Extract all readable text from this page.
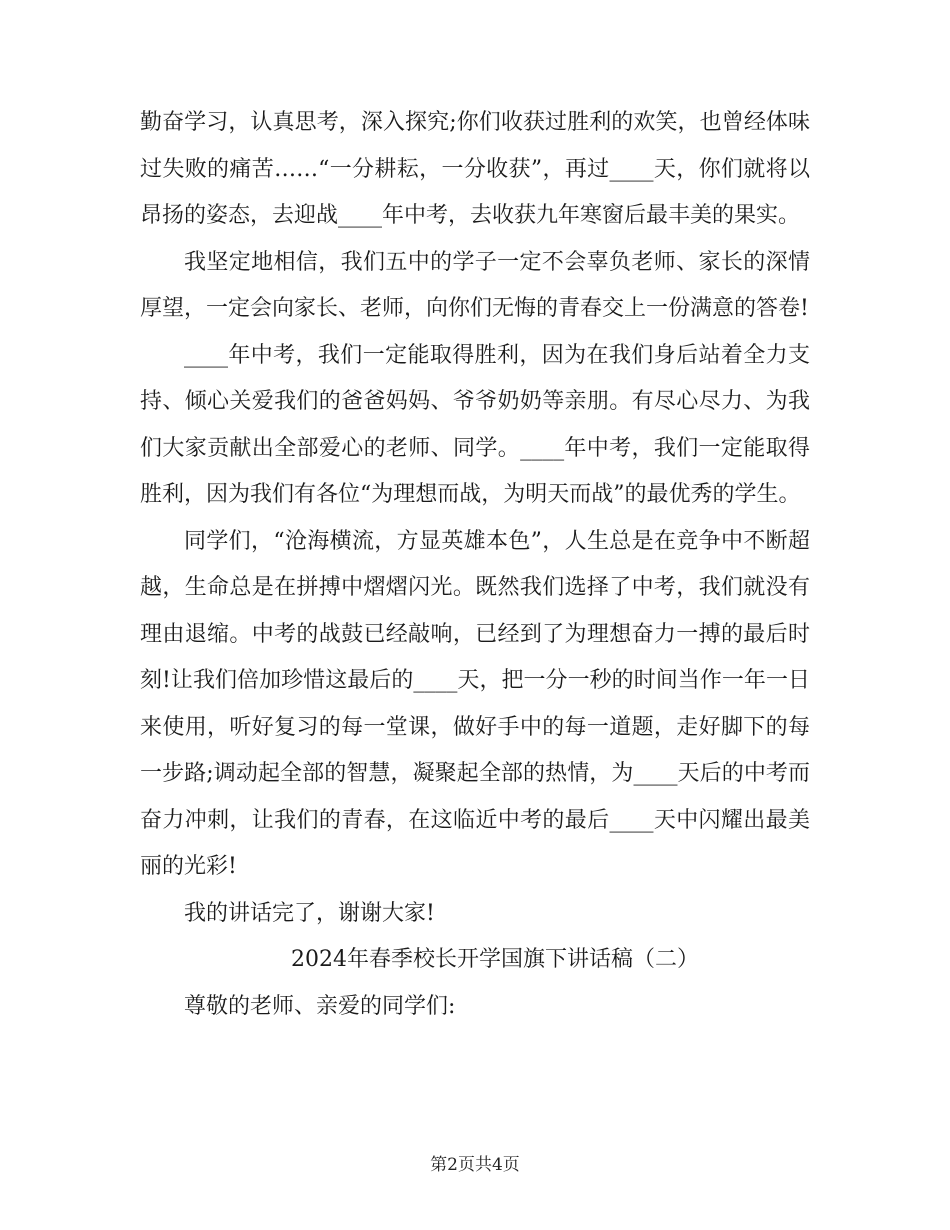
勤奋学习，认真思考，深入探究;你们收获过胜利的欢笑，也曾经体味过失败的痛苦……“一分耕耘，一分收获”，再过____天，你们就将以昂扬的姿态，去迎战____年中考，去收获九年寒窗后最丰美的果实。

我坚定地相信，我们五中的学子一定不会辜负老师、家长的深情厚望，一定会向家长、老师，向你们无悔的青春交上一份满意的答卷!

____年中考，我们一定能取得胜利，因为在我们身后站着全力支持、倾心关爱我们的爸爸妈妈、爷爷奶奶等亲朋。有尽心尽力、为我们大家贡献出全部爱心的老师、同学。____年中考，我们一定能取得胜利，因为我们有各位“为理想而战，为明天而战”的最优秀的学生。

同学们，“沧海横流，方显英雄本色”，人生总是在竞争中不断超越，生命总是在拼搏中熠熠闪光。既然我们选择了中考，我们就没有理由退缩。中考的战鼓已经敲响，已经到了为理想奋力一搏的最后时刻!让我们倍加珍惜这最后的____天，把一分一秒的时间当作一年一日来使用，听好复习的每一堂课，做好手中的每一道题，走好脚下的每一步路;调动起全部的智慧，凝聚起全部的热情，为____天后的中考而奋力冲刺，让我们的青春，在这临近中考的最后____天中闪耀出最美丽的光彩!

我的讲话完了，谢谢大家!

2024年春季校长开学国旗下讲话稿（二）

尊敬的老师、亲爱的同学们:

第2页共4页
